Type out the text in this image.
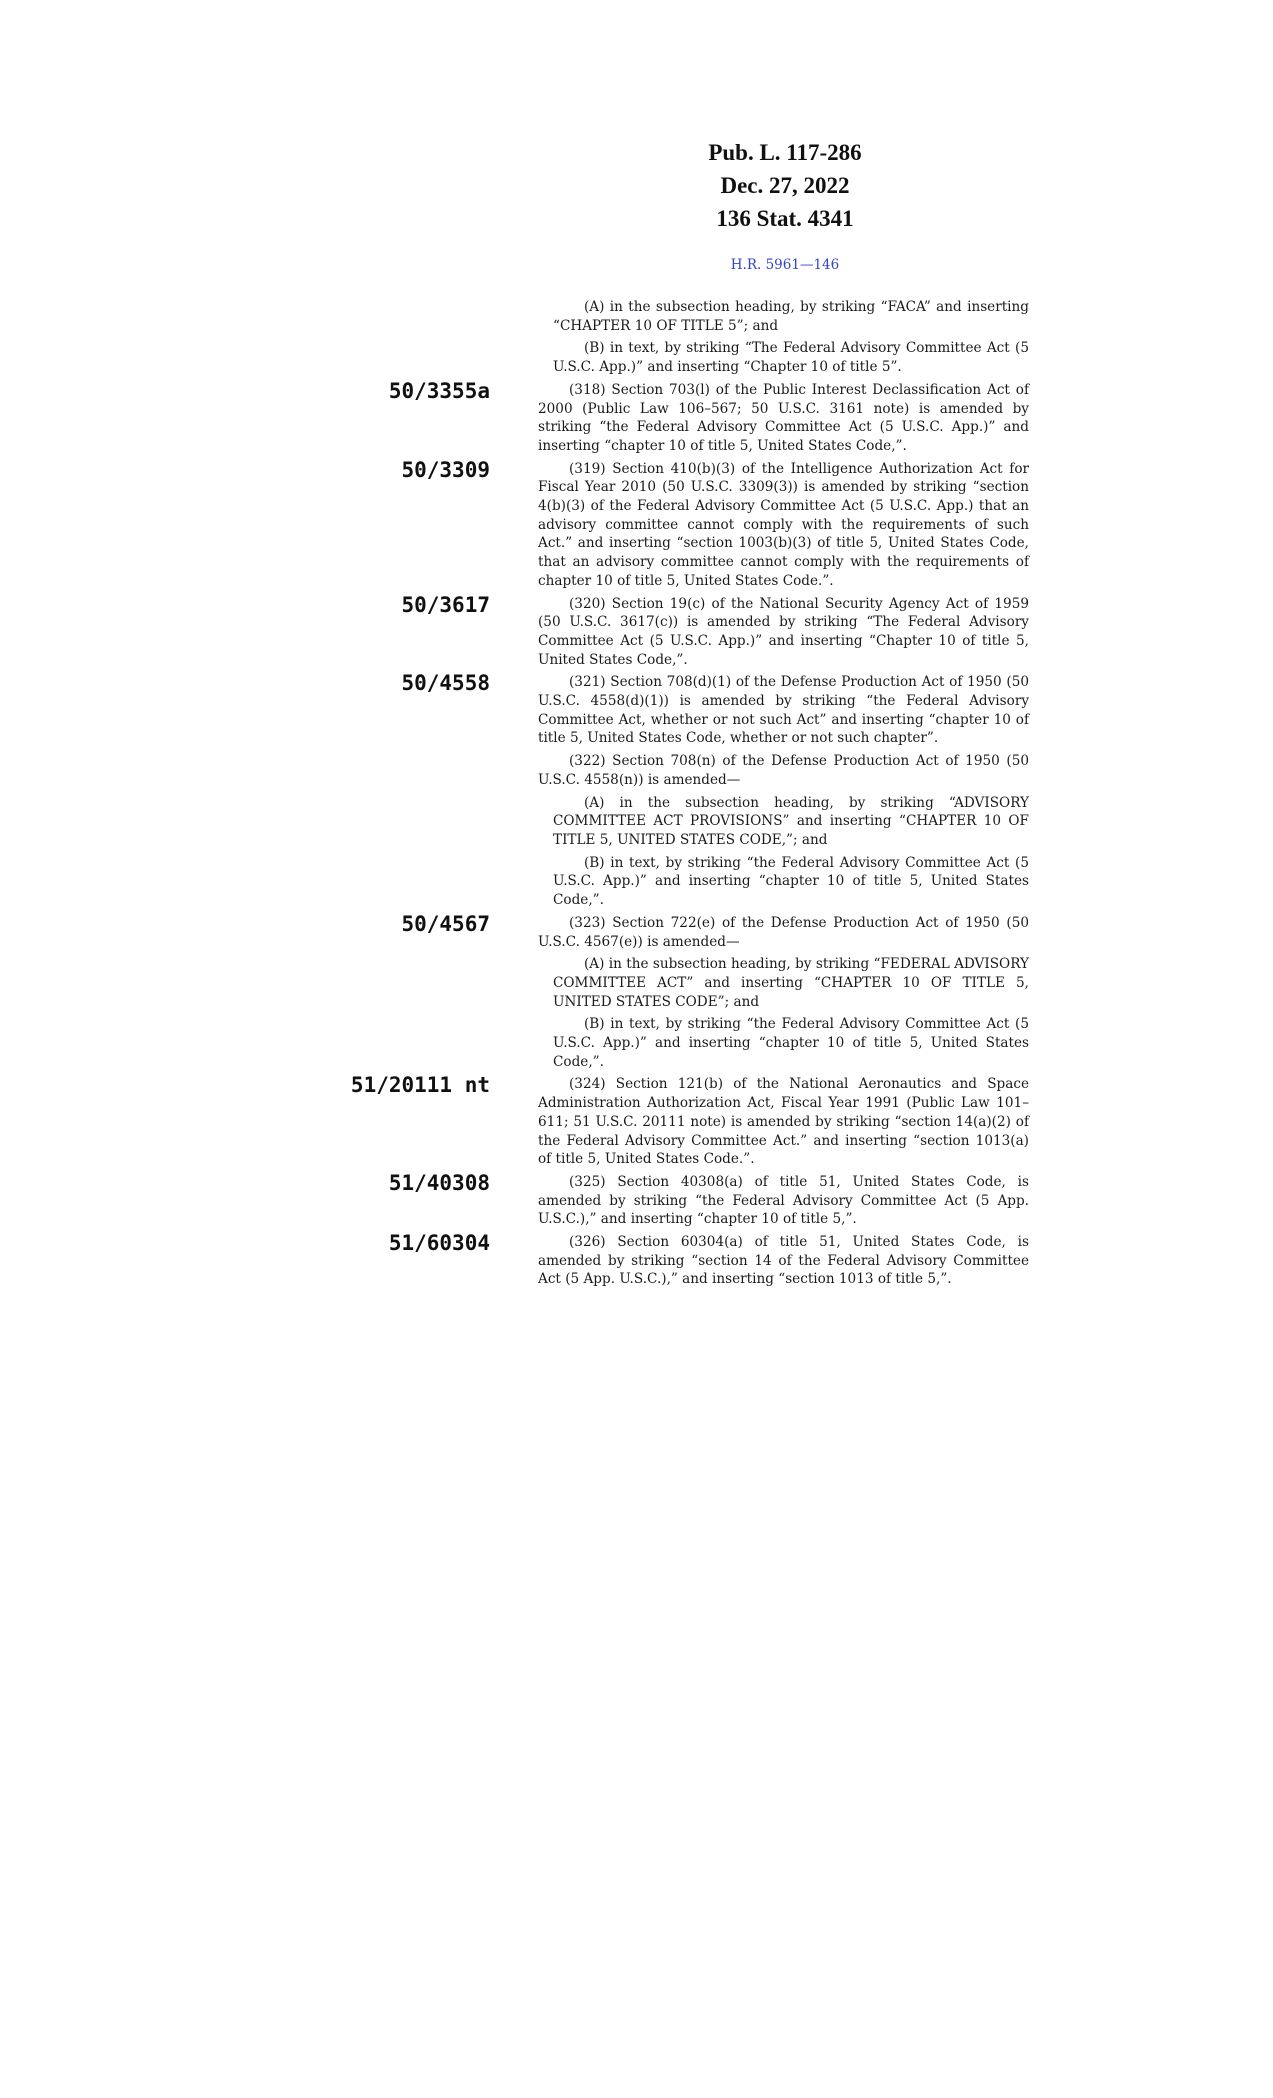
Pub. L. 117-286
Dec. 27, 2022
136 Stat. 4341
H.R. 5961—146
(A) in the subsection heading, by striking “FACA” and inserting “CHAPTER 10 OF TITLE 5”; and
(B) in text, by striking “The Federal Advisory Committee Act (5 U.S.C. App.)” and inserting “Chapter 10 of title 5”.
50/3355a	(318) Section 703(l) of the Public Interest Declassification Act of 2000 (Public Law 106–567; 50 U.S.C. 3161 note) is amended by striking “the Federal Advisory Committee Act (5 U.S.C. App.)” and inserting “chapter 10 of title 5, United States Code,”.
50/3309	(319) Section 410(b)(3) of the Intelligence Authorization Act for Fiscal Year 2010 (50 U.S.C. 3309(3)) is amended by striking “section 4(b)(3) of the Federal Advisory Committee Act (5 U.S.C. App.) that an advisory committee cannot comply with the requirements of such Act.” and inserting “section 1003(b)(3) of title 5, United States Code, that an advisory committee cannot comply with the requirements of chapter 10 of title 5, United States Code.”.
50/3617	(320) Section 19(c) of the National Security Agency Act of 1959 (50 U.S.C. 3617(c)) is amended by striking “The Federal Advisory Committee Act (5 U.S.C. App.)” and inserting “Chapter 10 of title 5, United States Code,”.
50/4558	(321) Section 708(d)(1) of the Defense Production Act of 1950 (50 U.S.C. 4558(d)(1)) is amended by striking “the Federal Advisory Committee Act, whether or not such Act” and inserting “chapter 10 of title 5, United States Code, whether or not such chapter”.
(322) Section 708(n) of the Defense Production Act of 1950 (50 U.S.C. 4558(n)) is amended—
(A) in the subsection heading, by striking “ADVISORY COMMITTEE ACT PROVISIONS” and inserting “CHAPTER 10 OF TITLE 5, UNITED STATES CODE,”; and
(B) in text, by striking “the Federal Advisory Committee Act (5 U.S.C. App.)” and inserting “chapter 10 of title 5, United States Code,”.
50/4567	(323) Section 722(e) of the Defense Production Act of 1950 (50 U.S.C. 4567(e)) is amended—
(A) in the subsection heading, by striking “FEDERAL ADVISORY COMMITTEE ACT” and inserting “CHAPTER 10 OF TITLE 5, UNITED STATES CODE”; and
(B) in text, by striking “the Federal Advisory Committee Act (5 U.S.C. App.)” and inserting “chapter 10 of title 5, United States Code,”.
51/20111 nt	(324) Section 121(b) of the National Aeronautics and Space Administration Authorization Act, Fiscal Year 1991 (Public Law 101–611; 51 U.S.C. 20111 note) is amended by striking “section 14(a)(2) of the Federal Advisory Committee Act.” and inserting “section 1013(a) of title 5, United States Code.”.
51/40308	(325) Section 40308(a) of title 51, United States Code, is amended by striking “the Federal Advisory Committee Act (5 App. U.S.C.),” and inserting “chapter 10 of title 5,”.
51/60304	(326) Section 60304(a) of title 51, United States Code, is amended by striking “section 14 of the Federal Advisory Committee Act (5 App. U.S.C.),” and inserting “section 1013 of title 5,”.
